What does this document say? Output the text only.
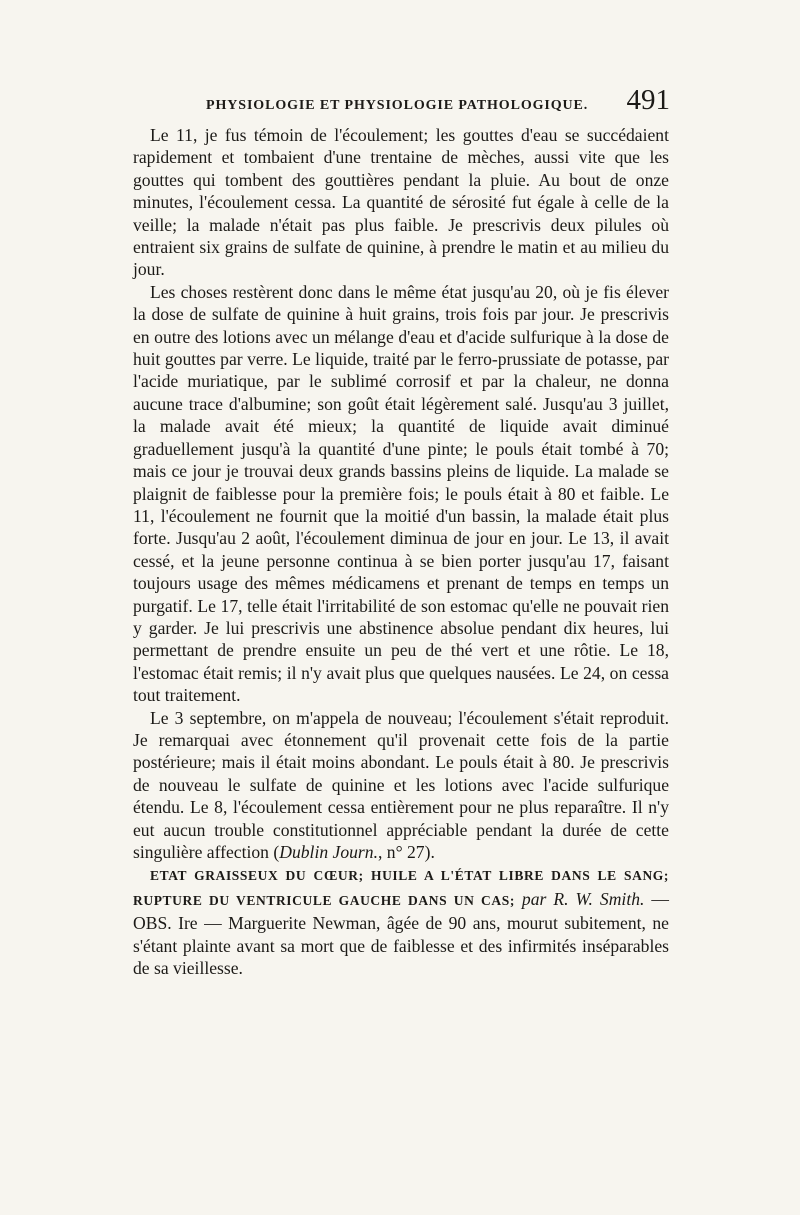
PHYSIOLOGIE ET PHYSIOLOGIE PATHOLOGIQUE. 491

Le 11, je fus témoin de l'écoulement; les gouttes d'eau se succédaient rapidement et tombaient d'une trentaine de mèches, aussi vite que les gouttes qui tombent des gouttières pendant la pluie. Au bout de onze minutes, l'écoulement cessa. La quantité de sérosité fut égale à celle de la veille; la malade n'était pas plus faible. Je prescrivis deux pilules où entraient six grains de sulfate de quinine, à prendre le matin et au milieu du jour.

Les choses restèrent donc dans le même état jusqu'au 20, où je fis élever la dose de sulfate de quinine à huit grains, trois fois par jour. Je prescrivis en outre des lotions avec un mélange d'eau et d'acide sulfurique à la dose de huit gouttes par verre. Le liquide, traité par le ferro-prussiate de potasse, par l'acide muriatique, par le sublimé corrosif et par la chaleur, ne donna aucune trace d'albumine; son goût était légèrement salé. Jusqu'au 3 juillet, la malade avait été mieux; la quantité de liquide avait diminué graduellement jusqu'à la quantité d'une pinte; le pouls était tombé à 70; mais ce jour je trouvai deux grands bassins pleins de liquide. La malade se plaignit de faiblesse pour la première fois; le pouls était à 80 et faible. Le 11, l'écoulement ne fournit que la moitié d'un bassin, la malade était plus forte. Jusqu'au 2 août, l'écoulement diminua de jour en jour. Le 13, il avait cessé, et la jeune personne continua à se bien porter jusqu'au 17, faisant toujours usage des mêmes médicamens et prenant de temps en temps un purgatif. Le 17, telle était l'irritabilité de son estomac qu'elle ne pouvait rien y garder. Je lui prescrivis une abstinence absolue pendant dix heures, lui permettant de prendre ensuite un peu de thé vert et une rôtie. Le 18, l'estomac était remis; il n'y avait plus que quelques nausées. Le 24, on cessa tout traitement.

Le 3 septembre, on m'appela de nouveau; l'écoulement s'était reproduit. Je remarquai avec étonnement qu'il provenait cette fois de la partie postérieure; mais il était moins abondant. Le pouls était à 80. Je prescrivis de nouveau le sulfate de quinine et les lotions avec l'acide sulfurique étendu. Le 8, l'écoulement cessa entièrement pour ne plus reparaître. Il n'y eut aucun trouble constitutionnel appréciable pendant la durée de cette singulière affection (Dublin Journ., n° 27).

ETAT GRAISSEUX DU CŒUR; HUILE A L'ÉTAT LIBRE DANS LE SANG; RUPTURE DU VENTRICULE GAUCHE DANS UN CAS; par R. W. Smith. — OBS. Ire — Marguerite Newman, âgée de 90 ans, mourut subitement, ne s'étant plainte avant sa mort que de faiblesse et des infirmités inséparables de sa vieillesse.
